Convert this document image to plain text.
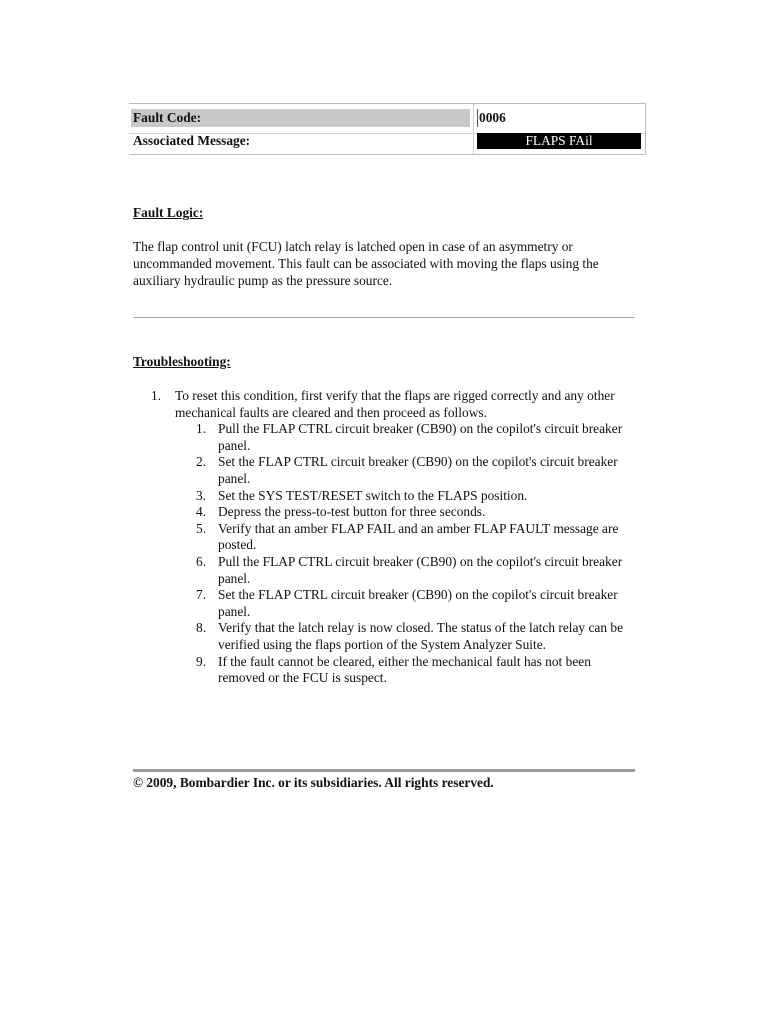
Fault Code:	0006
Associated Message:	FLAPS FAil
Fault Logic:
The flap control unit (FCU) latch relay is latched open in case of an asymmetry or uncommanded movement. This fault can be associated with moving the flaps using the auxiliary hydraulic pump as the pressure source.
Troubleshooting:
1. To reset this condition, first verify that the flaps are rigged correctly and any other mechanical faults are cleared and then proceed as follows.
1. Pull the FLAP CTRL circuit breaker (CB90) on the copilot's circuit breaker panel.
2. Set the FLAP CTRL circuit breaker (CB90) on the copilot's circuit breaker panel.
3. Set the SYS TEST/RESET switch to the FLAPS position.
4. Depress the press-to-test button for three seconds.
5. Verify that an amber FLAP FAIL and an amber FLAP FAULT message are posted.
6. Pull the FLAP CTRL circuit breaker (CB90) on the copilot's circuit breaker panel.
7. Set the FLAP CTRL circuit breaker (CB90) on the copilot's circuit breaker panel.
8. Verify that the latch relay is now closed. The status of the latch relay can be verified using the flaps portion of the System Analyzer Suite.
9. If the fault cannot be cleared, either the mechanical fault has not been removed or the FCU is suspect.
© 2009, Bombardier Inc. or its subsidiaries. All rights reserved.
